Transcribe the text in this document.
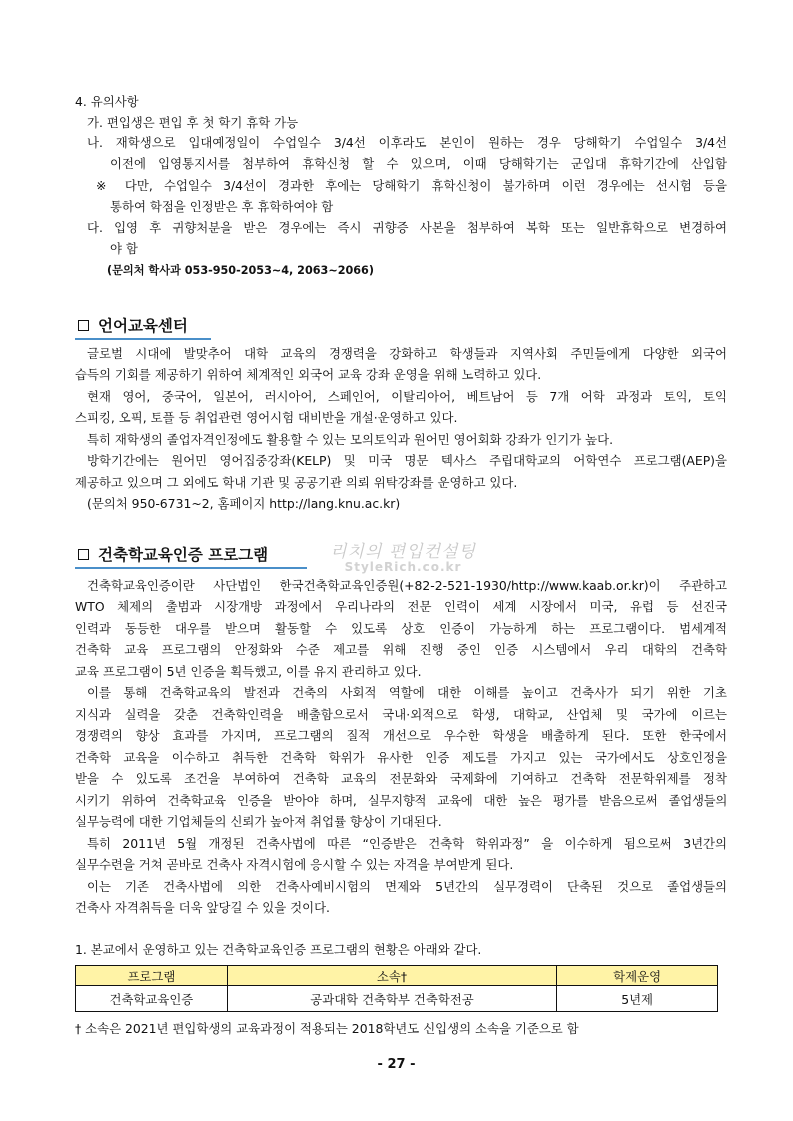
4. 유의사항
가. 편입생은 편입 후 첫 학기 휴학 가능
나. 재학생으로 입대예정일이 수업일수 3/4선 이후라도 본인이 원하는 경우 당해학기 수업일수 3/4선
이전에 입영통지서를 첨부하여 휴학신청 할 수 있으며, 이때 당해학기는 군입대 휴학기간에 산입함
※ 다만, 수업일수 3/4선이 경과한 후에는 당해학기 휴학신청이 불가하며 이런 경우에는 선시험 등을
통하여 학점을 인정받은 후 휴학하여야 함
다. 입영 후 귀향처분을 받은 경우에는 즉시 귀향증 사본을 첨부하여 복학 또는 일반휴학으로 변경하여
야 함
(문의처 학사과 053-950-2053~4, 2063~2066)
언어교육센터
글로벌 시대에 발맞추어 대학 교육의 경쟁력을 강화하고 학생들과 지역사회 주민들에게 다양한 외국어
습득의 기회를 제공하기 위하여 체계적인 외국어 교육 강좌 운영을 위해 노력하고 있다.
현재 영어, 중국어, 일본어, 러시아어, 스페인어, 이탈리아어, 베트남어 등 7개 어학 과정과 토익, 토익
스피킹, 오픽, 토플 등 취업관련 영어시험 대비반을 개설·운영하고 있다.
특히 재학생의 졸업자격인정에도 활용할 수 있는 모의토익과 원어민 영어회화 강좌가 인기가 높다.
방학기간에는 원어민 영어집중강좌(KELP) 및 미국 명문 텍사스 주립대학교의 어학연수 프로그램(AEP)을
제공하고 있으며 그 외에도 학내 기관 및 공공기관 의뢰 위탁강좌를 운영하고 있다.
(문의처 950-6731~2, 홈페이지 http://lang.knu.ac.kr)
건축학교육인증 프로그램	리치의 편입컨설팅
StyleRich.co.kr
건축학교육인증이란 사단법인 한국건축학교육인증원(+82-2-521-1930/http://www.kaab.or.kr)이 주관하고
WTO 체제의 출범과 시장개방 과정에서 우리나라의 전문 인력이 세계 시장에서 미국, 유럽 등 선진국
인력과 동등한 대우를 받으며 활동할 수 있도록 상호 인증이 가능하게 하는 프로그램이다. 범세계적
건축학 교육 프로그램의 안정화와 수준 제고를 위해 진행 중인 인증 시스템에서 우리 대학의 건축학
교육 프로그램이 5년 인증을 획득했고, 이를 유지 관리하고 있다.
이를 통해 건축학교육의 발전과 건축의 사회적 역할에 대한 이해를 높이고 건축사가 되기 위한 기초
지식과 실력을 갖춘 건축학인력을 배출함으로서 국내·외적으로 학생, 대학교, 산업체 및 국가에 이르는
경쟁력의 향상 효과를 가지며, 프로그램의 질적 개선으로 우수한 학생을 배출하게 된다. 또한 한국에서
건축학 교육을 이수하고 취득한 건축학 학위가 유사한 인증 제도를 가지고 있는 국가에서도 상호인정을
받을 수 있도록 조건을 부여하여 건축학 교육의 전문화와 국제화에 기여하고 건축학 전문학위제를 정착
시키기 위하여 건축학교육 인증을 받아야 하며, 실무지향적 교육에 대한 높은 평가를 받음으로써 졸업생들의
실무능력에 대한 기업체들의 신뢰가 높아져 취업률 향상이 기대된다.
특히 2011년 5월 개정된 건축사법에 따른 “인증받은 건축학 학위과정” 을 이수하게 됨으로써 3년간의
실무수련을 거쳐 곧바로 건축사 자격시험에 응시할 수 있는 자격을 부여받게 된다.
이는 기존 건축사법에 의한 건축사예비시험의 면제와 5년간의 실무경력이 단축된 것으로 졸업생들의
건축사 자격취득을 더욱 앞당길 수 있을 것이다.
1. 본교에서 운영하고 있는 건축학교육인증 프로그램의 현황은 아래와 같다.
프로그램	소속†	학제운영
건축학교육인증	공과대학 건축학부 건축학전공	5년제
† 소속은 2021년 편입학생의 교육과정이 적용되는 2018학년도 신입생의 소속을 기준으로 함
- 27 -
